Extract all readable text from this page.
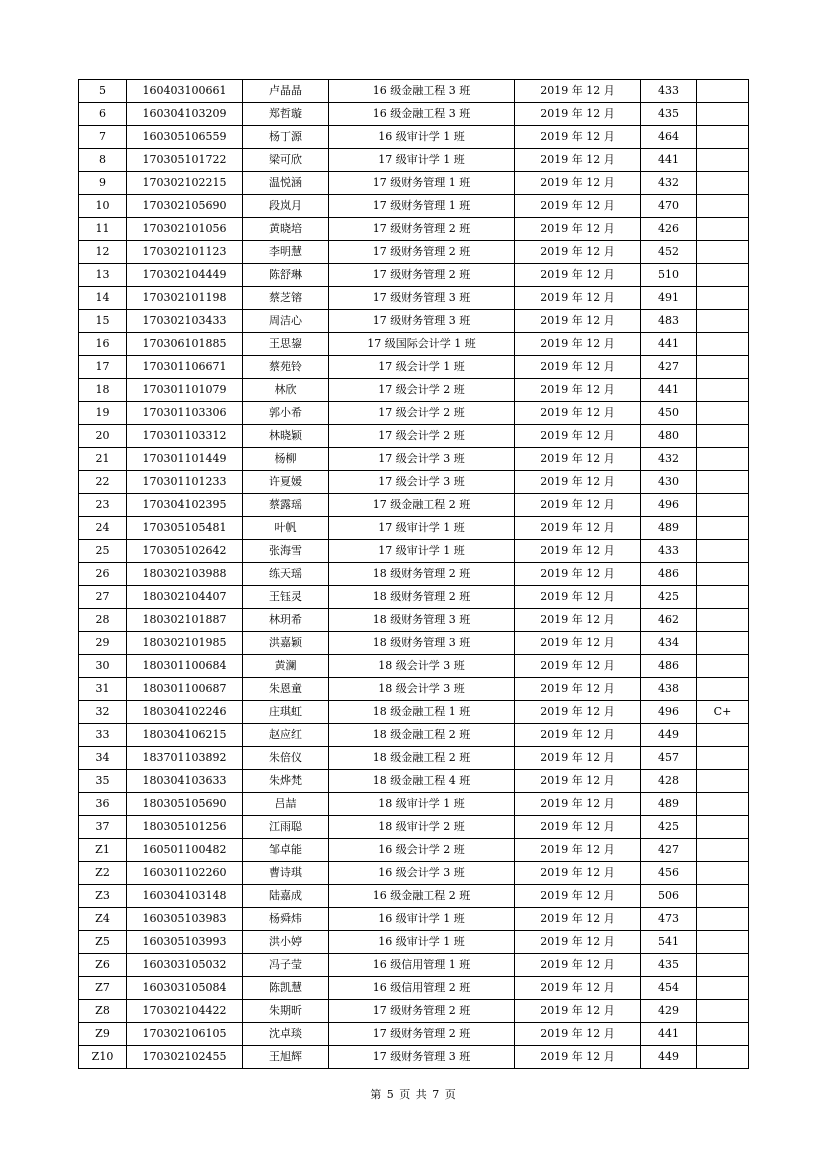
5	160403100661	卢晶晶	16 级金融工程 3 班	2019 年 12 月	433	
6	160304103209	郑哲璇	16 级金融工程 3 班	2019 年 12 月	435	
7	160305106559	杨丁源	16 级审计学 1 班	2019 年 12 月	464	
8	170305101722	梁可欣	17 级审计学 1 班	2019 年 12 月	441	
9	170302102215	温悦涵	17 级财务管理 1 班	2019 年 12 月	432	
10	170302105690	段岚月	17 级财务管理 1 班	2019 年 12 月	470	
11	170302101056	黄晓培	17 级财务管理 2 班	2019 年 12 月	426	
12	170302101123	李明慧	17 级财务管理 2 班	2019 年 12 月	452	
13	170302104449	陈舒琳	17 级财务管理 2 班	2019 年 12 月	510	
14	170302101198	蔡芝镕	17 级财务管理 3 班	2019 年 12 月	491	
15	170302103433	周洁心	17 级财务管理 3 班	2019 年 12 月	483	
16	170306101885	王思鋆	17 级国际会计学 1 班	2019 年 12 月	441	
17	170301106671	蔡苑铃	17 级会计学 1 班	2019 年 12 月	427	
18	170301101079	林欣	17 级会计学 2 班	2019 年 12 月	441	
19	170301103306	郭小希	17 级会计学 2 班	2019 年 12 月	450	
20	170301103312	林晓颖	17 级会计学 2 班	2019 年 12 月	480	
21	170301101449	杨柳	17 级会计学 3 班	2019 年 12 月	432	
22	170301101233	许夏媛	17 级会计学 3 班	2019 年 12 月	430	
23	170304102395	蔡露瑶	17 级金融工程 2 班	2019 年 12 月	496	
24	170305105481	叶帆	17 级审计学 1 班	2019 年 12 月	489	
25	170305102642	张海雪	17 级审计学 1 班	2019 年 12 月	433	
26	180302103988	练天瑶	18 级财务管理 2 班	2019 年 12 月	486	
27	180302104407	王钰灵	18 级财务管理 2 班	2019 年 12 月	425	
28	180302101887	林玥希	18 级财务管理 3 班	2019 年 12 月	462	
29	180302101985	洪嘉颖	18 级财务管理 3 班	2019 年 12 月	434	
30	180301100684	黄澜	18 级会计学 3 班	2019 年 12 月	486	
31	180301100687	朱恩童	18 级会计学 3 班	2019 年 12 月	438	
32	180304102246	庄琪虹	18 级金融工程 1 班	2019 年 12 月	496	C+
33	180304106215	赵应红	18 级金融工程 2 班	2019 年 12 月	449	
34	183701103892	朱倍仪	18 级金融工程 2 班	2019 年 12 月	457	
35	180304103633	朱烨梵	18 级金融工程 4 班	2019 年 12 月	428	
36	180305105690	吕喆	18 级审计学 1 班	2019 年 12 月	489	
37	180305101256	江雨聪	18 级审计学 2 班	2019 年 12 月	425	
Z1	160501100482	邹卓能	16 级会计学 2 班	2019 年 12 月	427	
Z2	160301102260	曹诗琪	16 级会计学 3 班	2019 年 12 月	456	
Z3	160304103148	陆嘉成	16 级金融工程 2 班	2019 年 12 月	506	
Z4	160305103983	杨舜炜	16 级审计学 1 班	2019 年 12 月	473	
Z5	160305103993	洪小婷	16 级审计学 1 班	2019 年 12 月	541	
Z6	160303105032	冯子莹	16 级信用管理 1 班	2019 年 12 月	435	
Z7	160303105084	陈凯慧	16 级信用管理 2 班	2019 年 12 月	454	
Z8	170302104422	朱期昕	17 级财务管理 2 班	2019 年 12 月	429	
Z9	170302106105	沈卓琰	17 级财务管理 2 班	2019 年 12 月	441	
Z10	170302102455	王旭辉	17 级财务管理 3 班	2019 年 12 月	449	
第 5 页 共 7 页
